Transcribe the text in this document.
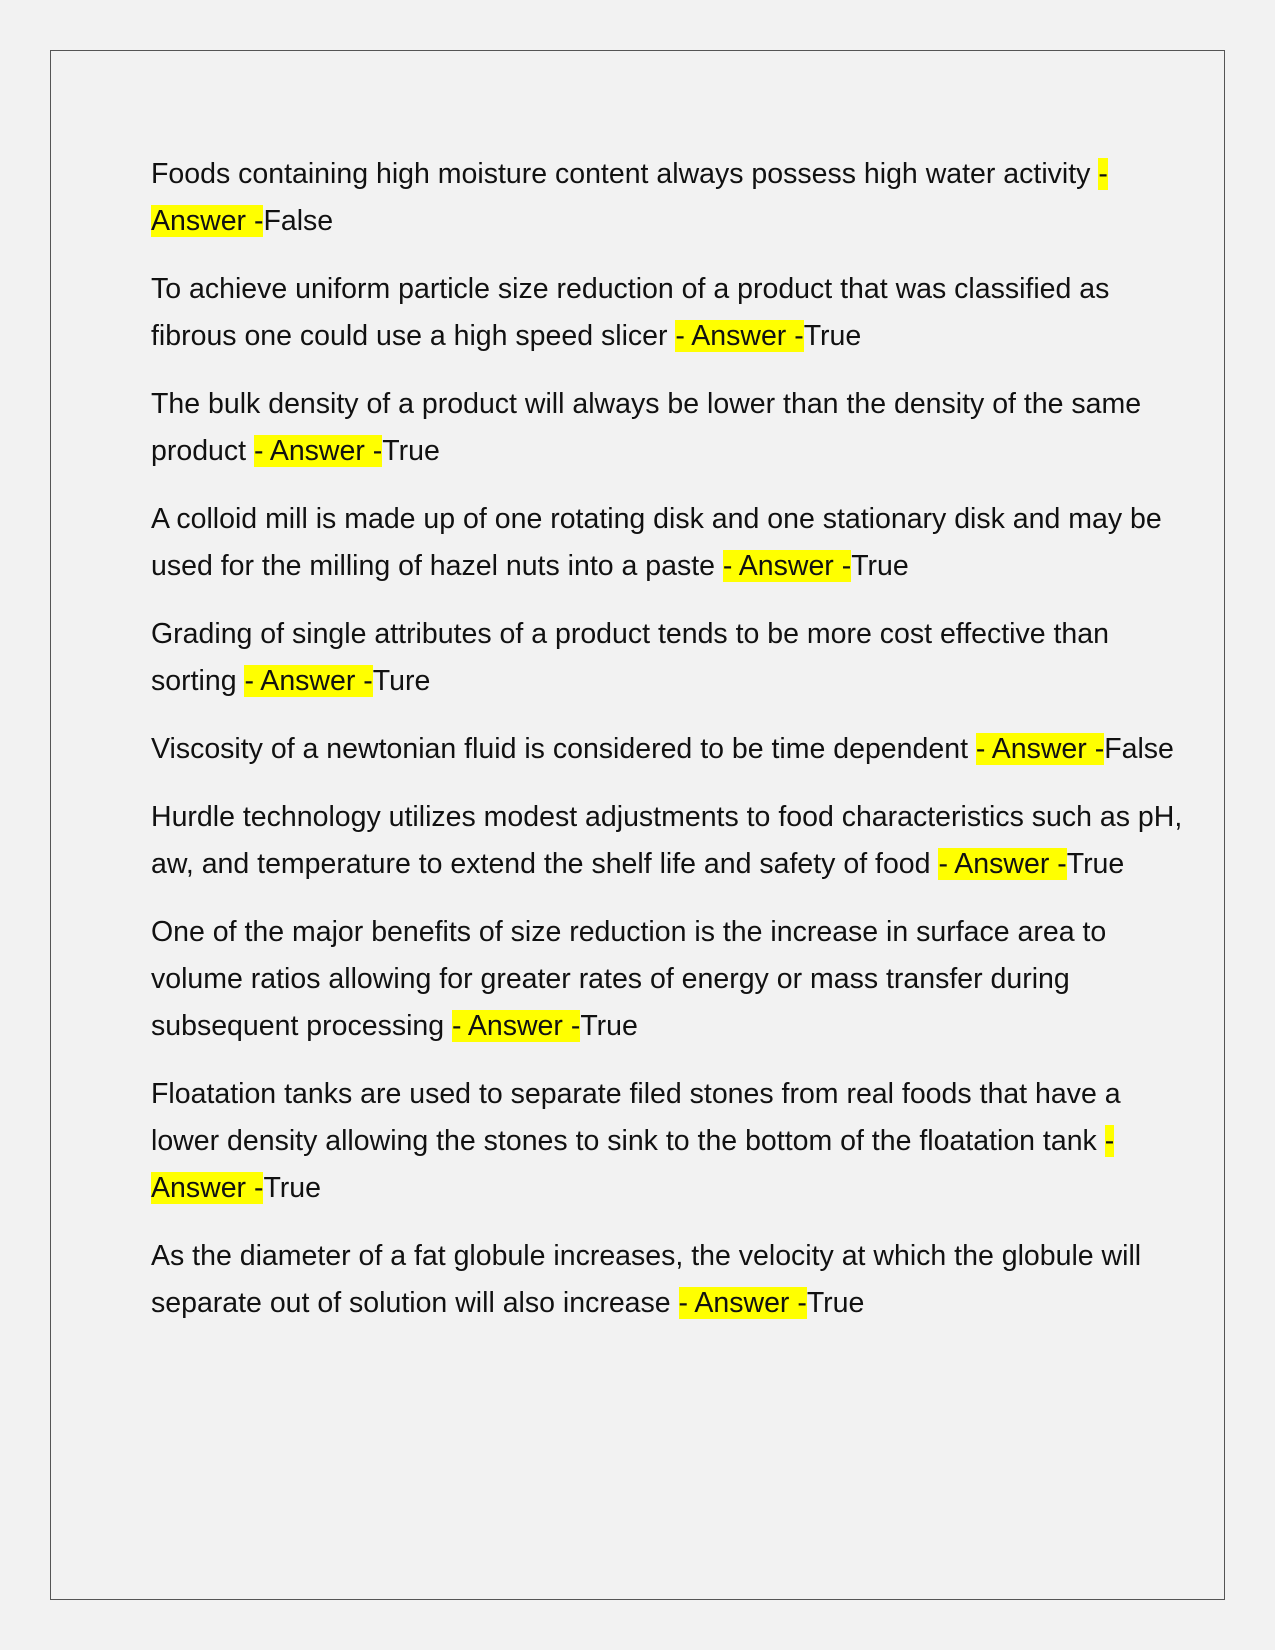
Foods containing high moisture content always possess high water activity - Answer -False

To achieve uniform particle size reduction of a product that was classified as fibrous one could use a high speed slicer - Answer -True

The bulk density of a product will always be lower than the density of the same product - Answer -True

A colloid mill is made up of one rotating disk and one stationary disk and may be used for the milling of hazel nuts into a paste - Answer -True

Grading of single attributes of a product tends to be more cost effective than sorting - Answer -Ture

Viscosity of a newtonian fluid is considered to be time dependent - Answer -False

Hurdle technology utilizes modest adjustments to food characteristics such as pH, aw, and temperature to extend the shelf life and safety of food - Answer -True

One of the major benefits of size reduction is the increase in surface area to volume ratios allowing for greater rates of energy or mass transfer during subsequent processing - Answer -True

Floatation tanks are used to separate filed stones from real foods that have a lower density allowing the stones to sink to the bottom of the floatation tank - Answer -True

As the diameter of a fat globule increases, the velocity at which the globule will separate out of solution will also increase - Answer -True
